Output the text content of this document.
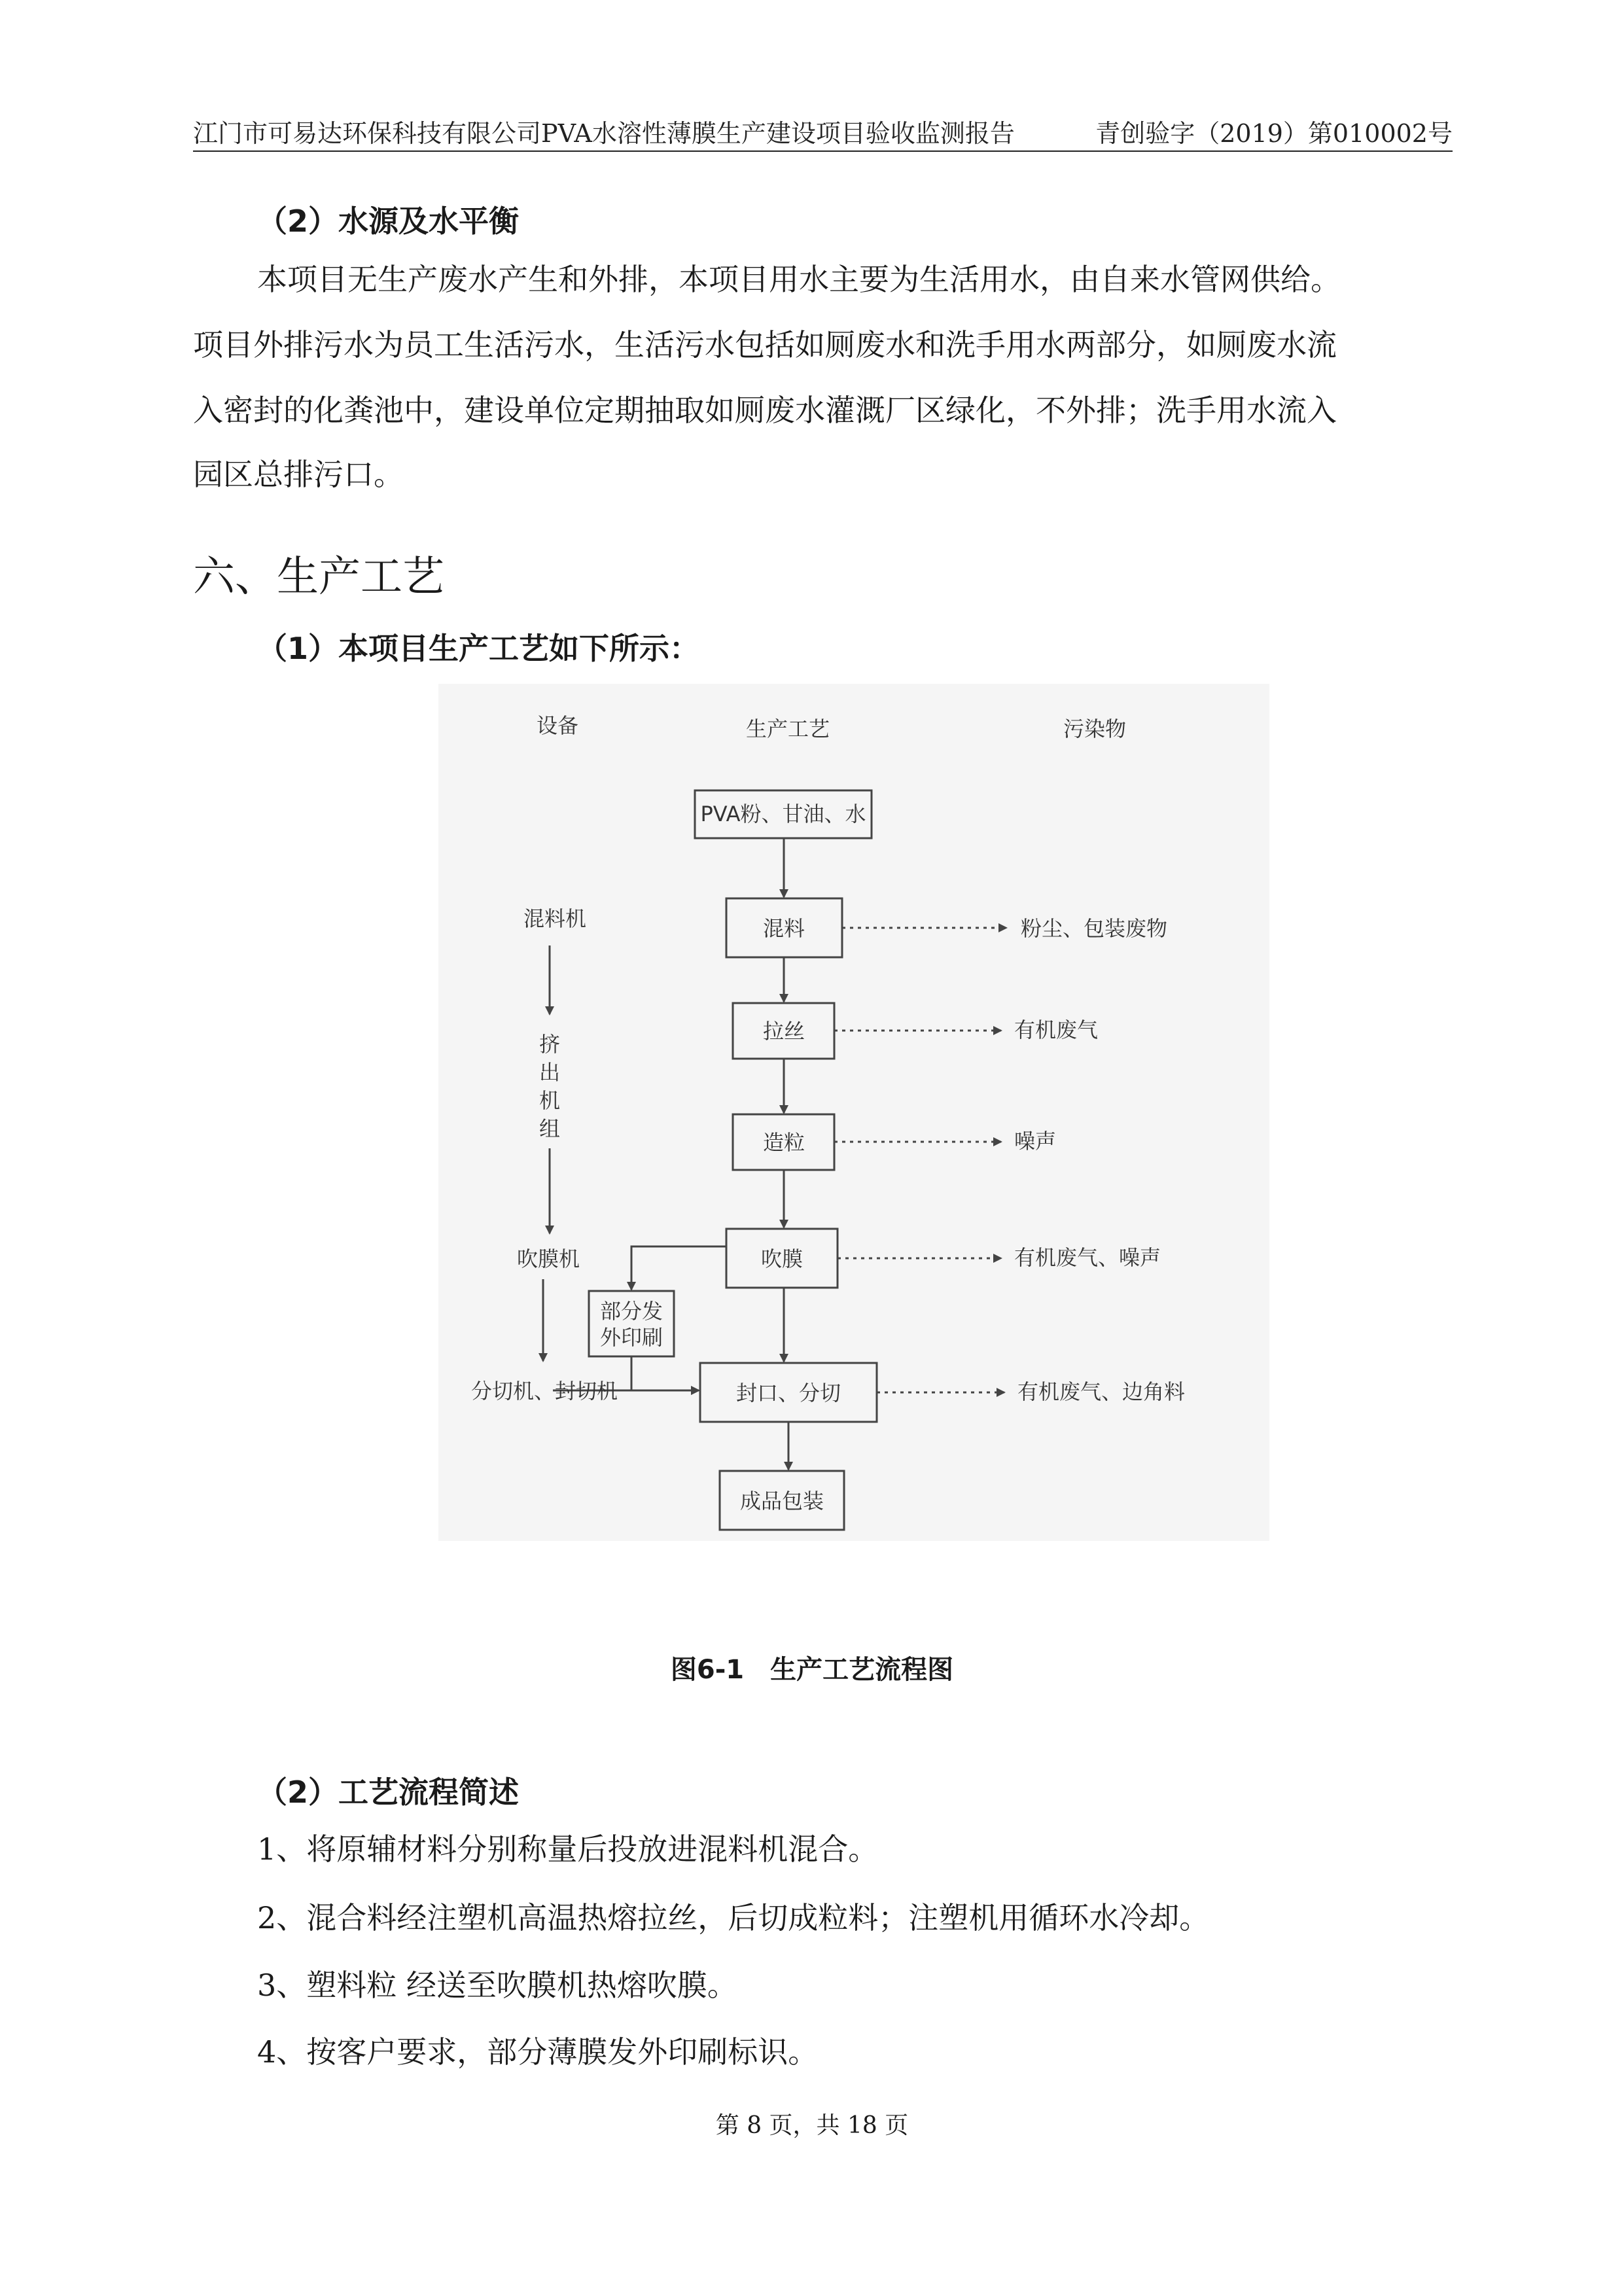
江门市可易达环保科技有限公司PVA水溶性薄膜生产建设项目验收监测报告	青创验字（2019）第010002号
（2）水源及水平衡
本项目无生产废水产生和外排，本项目用水主要为生活用水，由自来水管网供给。
项目外排污水为员工生活污水，生活污水包括如厕废水和洗手用水两部分，如厕废水流
入密封的化粪池中，建设单位定期抽取如厕废水灌溉厂区绿化，不外排；洗手用水流入
园区总排污口。
六、生产工艺
（1）本项目生产工艺如下所示：
设备	生产工艺	污染物
PVA粉、甘油、水
混料
拉丝
造粒
吹膜
部分发
外印刷
封口、分切
成品包装
粉尘、包装废物
有机废气
噪声
有机废气、噪声
有机废气、边角料
混料机
挤
出
机
组
吹膜机
分切机、封切机
图6-1　生产工艺流程图
（2）工艺流程简述
1、将原辅材料分别称量后投放进混料机混合。
2、混合料经注塑机高温热熔拉丝，后切成粒料；注塑机用循环水冷却。
3、塑料粒 经送至吹膜机热熔吹膜。
4、按客户要求，部分薄膜发外印刷标识。
第 8 页，共 18 页
